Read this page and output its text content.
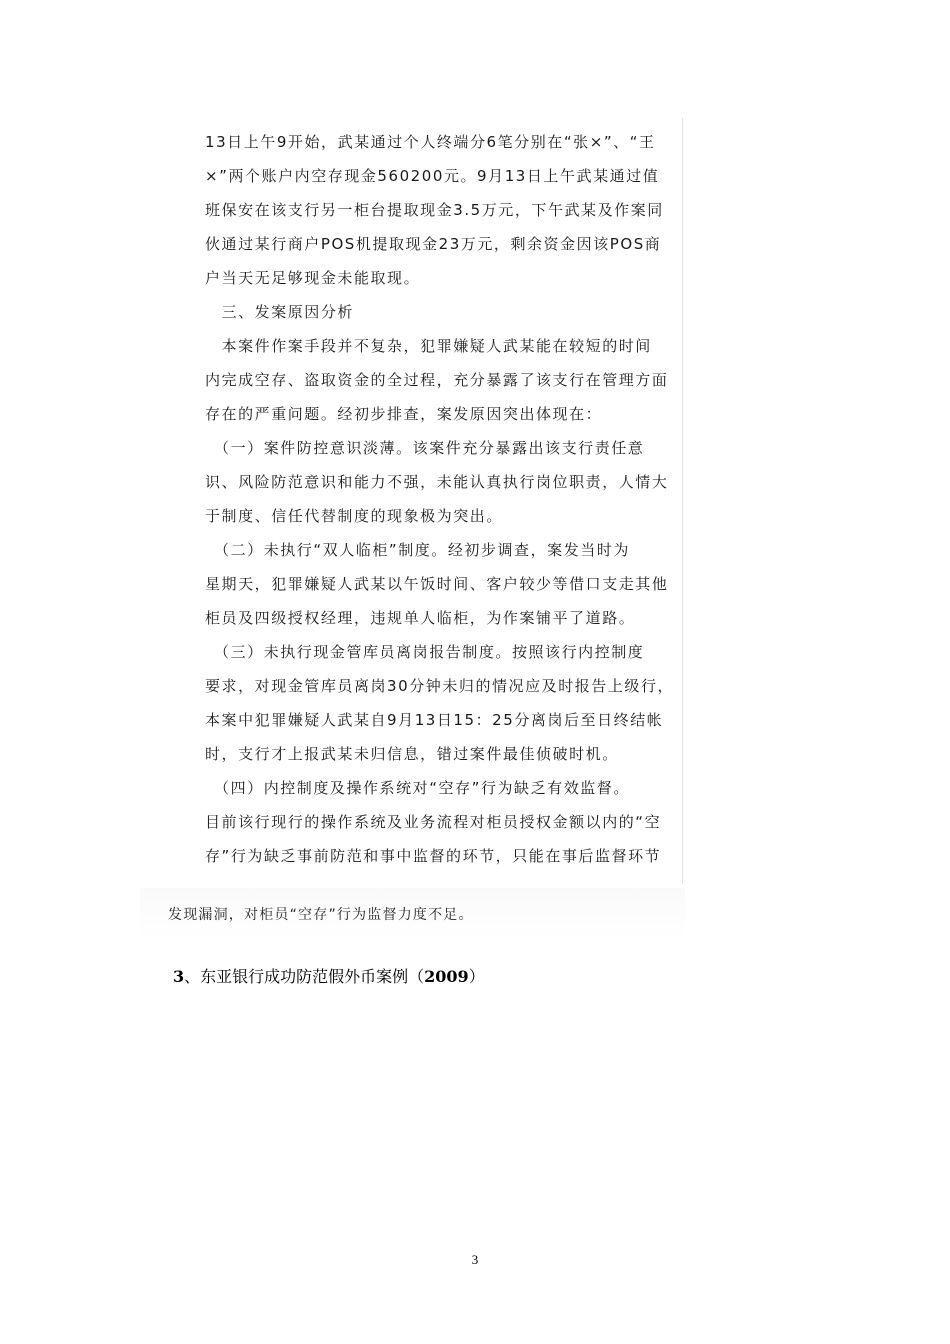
13日上午9开始，武某通过个人终端分6笔分别在“张×”、“王
×”两个账户内空存现金560200元。9月13日上午武某通过值
班保安在该支行另一柜台提取现金3.5万元，下午武某及作案同
伙通过某行商户POS机提取现金23万元，剩余资金因该POS商
户当天无足够现金未能取现。
　三、发案原因分析
　本案件作案手段并不复杂，犯罪嫌疑人武某能在较短的时间
内完成空存、盗取资金的全过程，充分暴露了该支行在管理方面
存在的严重问题。经初步排查，案发原因突出体现在：
　（一）案件防控意识淡薄。该案件充分暴露出该支行责任意
识、风险防范意识和能力不强，未能认真执行岗位职责，人情大
于制度、信任代替制度的现象极为突出。
　（二）未执行“双人临柜”制度。经初步调查，案发当时为
星期天，犯罪嫌疑人武某以午饭时间、客户较少等借口支走其他
柜员及四级授权经理，违规单人临柜，为作案铺平了道路。
　（三）未执行现金管库员离岗报告制度。按照该行内控制度
要求，对现金管库员离岗30分钟未归的情况应及时报告上级行，
本案中犯罪嫌疑人武某自9月13日15：25分离岗后至日终结帐
时，支行才上报武某未归信息，错过案件最佳侦破时机。
　（四）内控制度及操作系统对“空存”行为缺乏有效监督。
目前该行现行的操作系统及业务流程对柜员授权金额以内的“空
存”行为缺乏事前防范和事中监督的环节，只能在事后监督环节
发现漏洞，对柜员“空存”行为监督力度不足。
3、东亚银行成功防范假外币案例（2009）
3
